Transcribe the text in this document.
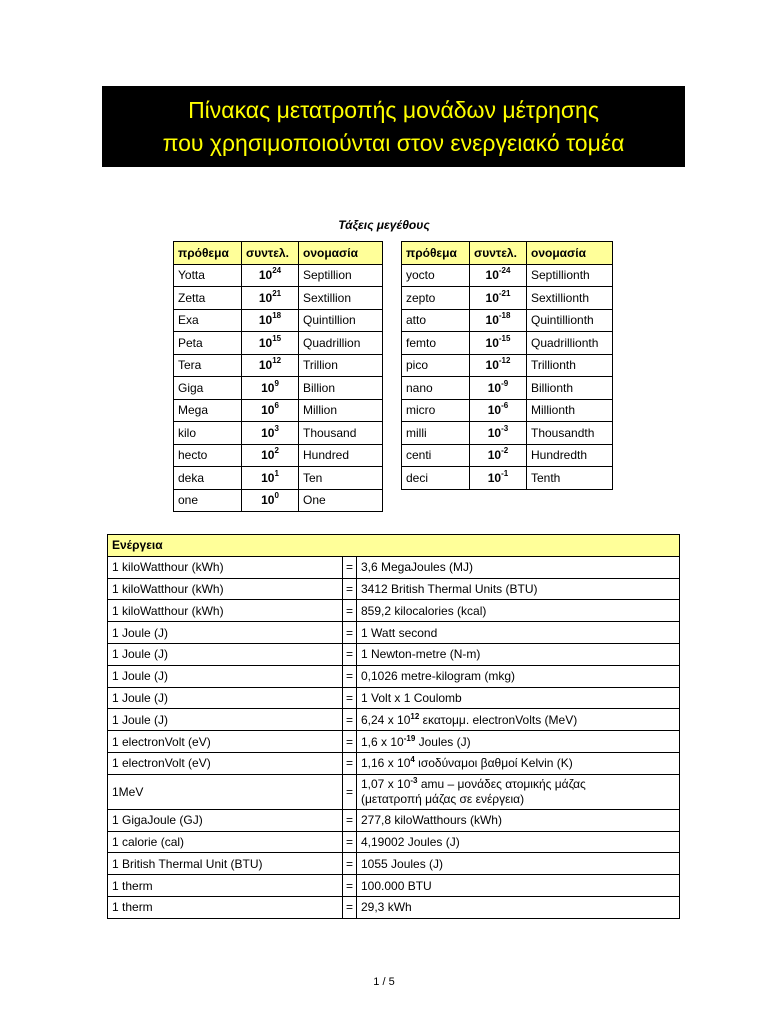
Πίνακας μετατροπής μονάδων μέτρησης
που χρησιμοποιούνται στον ενεργειακό τομέα
Τάξεις μεγέθους
πρόθεμα	συντελ.	ονομασία
Yotta	$10^{24}$	Septillion
Zetta	$10^{21}$	Sextillion
Exa	$10^{18}$	Quintillion
Peta	$10^{15}$	Quadrillion
Tera	$10^{12}$	Trillion
Giga	$10^9$	Billion
Mega	$10^6$	Million
kilo	$10^3$	Thousand
hecto	$10^2$	Hundred
deka	$10^1$	Ten
one	$10^0$	One
πρόθεμα	συντελ.	ονομασία
yocto	$10^{-24}$	Septillionth
zepto	$10^{-21}$	Sextillionth
atto	$10^{-18}$	Quintillionth
femto	$10^{-15}$	Quadrillionth
pico	$10^{-12}$	Trillionth
nano	$10^{-9}$	Billionth
micro	$10^{-6}$	Millionth
milli	$10^{-3}$	Thousandth
centi	$10^{-2}$	Hundredth
deci	$10^{-1}$	Tenth
Ενέργεια		
1 kiloWatthour (kWh)	=	3,6 MegaJoules (MJ)
1 kiloWatthour (kWh)	=	3412 British Thermal Units (BTU)
1 kiloWatthour (kWh)	=	859,2 kilocalories (kcal)
1 Joule (J)	=	1 Watt second
1 Joule (J)	=	1 Newton-metre (N-m)
1 Joule (J)	=	0,1026 metre-kilogram (mkg)
1 Joule (J)	=	1 Volt x 1 Coulomb
1 Joule (J)	=	6,24 x $10^{12}$ εκατομμ. electronVolts (MeV)
1 electronVolt (eV)	=	1,6 x $10^{-19}$ Joules (J)
1 electronVolt (eV)	=	1,16 x $10^4$ ισοδύναμοι βαθμοί Kelvin (K)
1MeV	=	1,07 x $10^{-3}$ amu – μονάδες ατομικής μάζας
(μετατροπή μάζας σε ενέργεια)
1 GigaJoule (GJ)	=	277,8 kiloWatthours (kWh)
1 calorie (cal)	=	4,19002 Joules (J)
1 British Thermal Unit (BTU)	=	1055 Joules (J)
1 therm	=	100.000 BTU
1 therm	=	29,3 kWh
1 / 5
